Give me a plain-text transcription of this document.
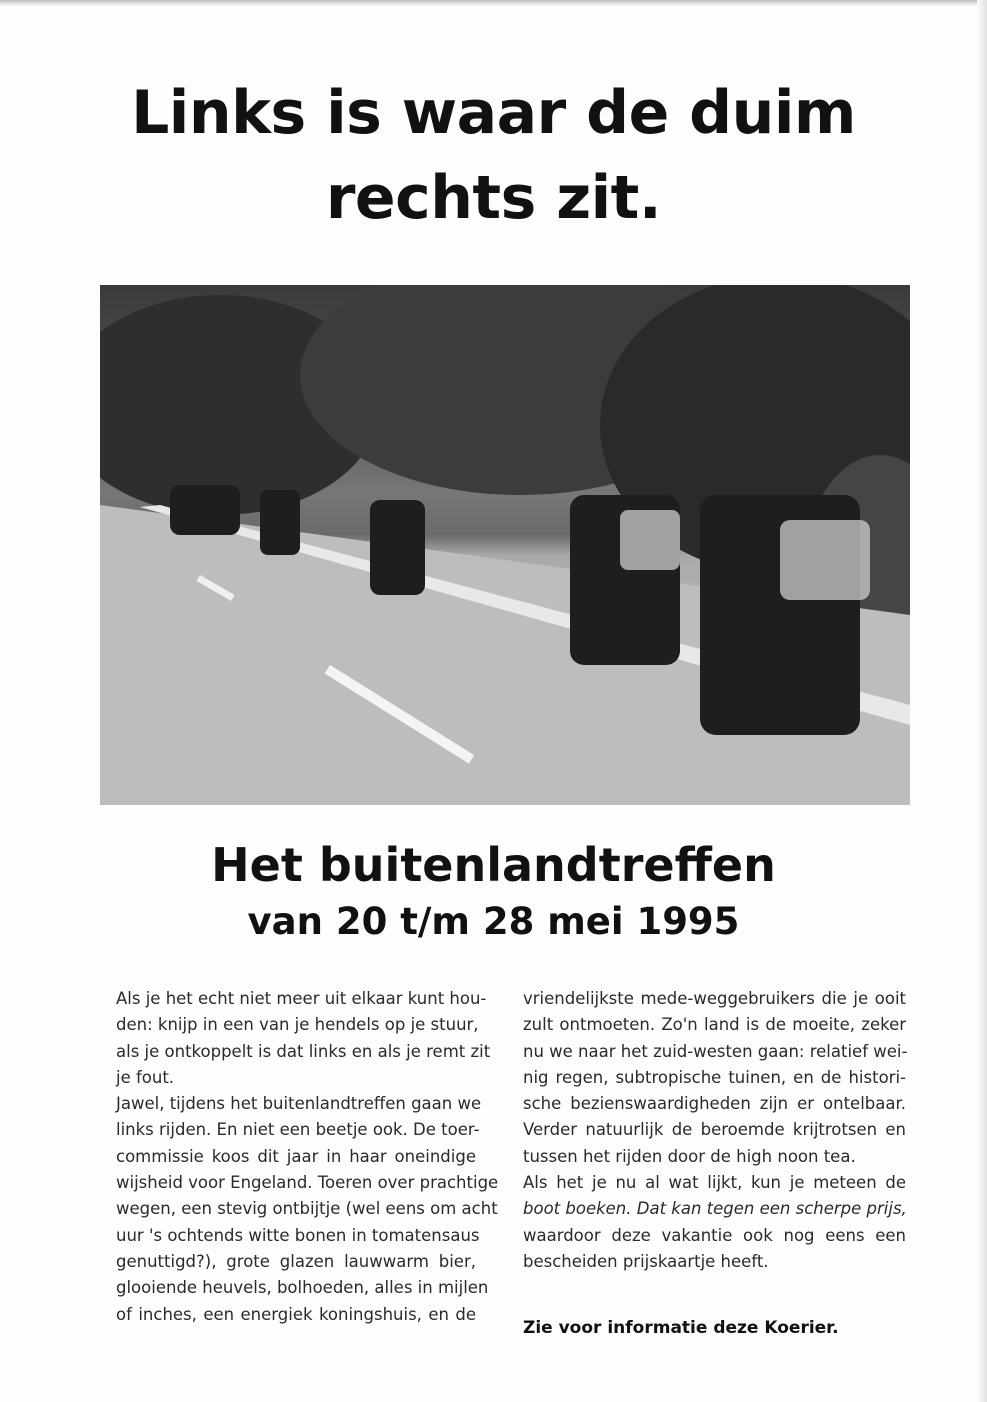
Links is waar de duim
rechts zit.
Het buitenlandtreffen
van 20 t/m 28 mei 1995
Als je het echt niet meer uit elkaar kunt hou-
den: knijp in een van je hendels op je stuur,
als je ontkoppelt is dat links en als je remt zit
je fout.
Jawel, tijdens het buitenlandtreffen gaan we
links rijden. En niet een beetje ook. De toer-
commissie koos dit jaar in haar oneindige
wijsheid voor Engeland. Toeren over prachtige
wegen, een stevig ontbijtje (wel eens om acht
uur 's ochtends witte bonen in tomatensaus
genuttigd?), grote glazen lauwwarm bier,
glooiende heuvels, bolhoeden, alles in mijlen
of inches, een energiek koningshuis, en de
vriendelijkste mede-weggebruikers die je ooit
zult ontmoeten. Zo'n land is de moeite, zeker
nu we naar het zuid-westen gaan: relatief wei-
nig regen, subtropische tuinen, en de histori-
sche bezienswaardigheden zijn er ontelbaar.
Verder natuurlijk de beroemde krijtrotsen en
tussen het rijden door de high noon tea.
Als het je nu al wat lijkt, kun je meteen de
boot boeken. Dat kan tegen een scherpe prijs,
waardoor deze vakantie ook nog eens een
bescheiden prijskaartje heeft.
Zie voor informatie deze Koerier.
